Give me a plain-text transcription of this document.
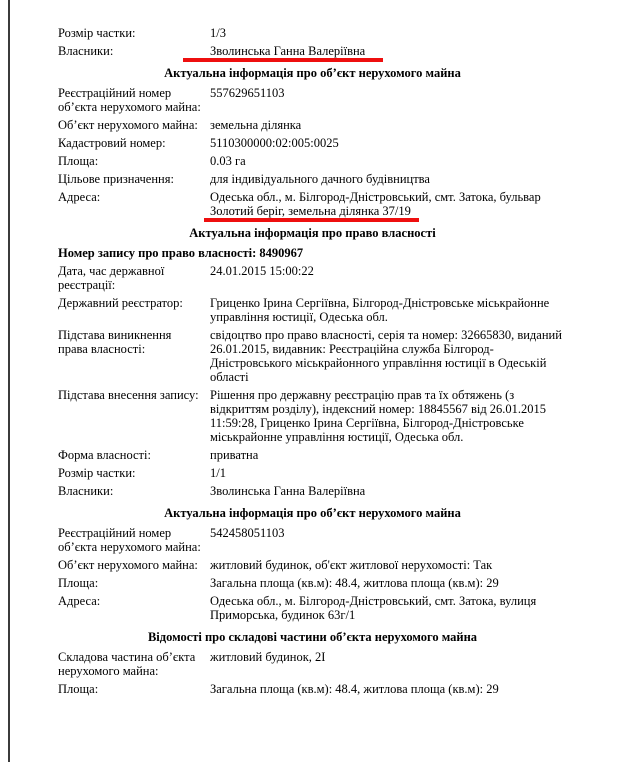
Розмір частки:	1/3
Власники:	Зволинська Ганна Валеріївна
Актуальна інформація про об’єкт нерухомого майна
Реєстраційний номер об’єкта нерухомого майна:
557629651103
Об’єкт нерухомого майна: земельна ділянка
Кадастровий номер:	5110300000:02:005:0025
Площа:	0.03 га
Цільове призначення:	для індивідуального дачного будівництва
Адреса:	Одеська обл., м. Білгород-Дністровський, смт. Затока, бульвар
Золотий беріг, земельна ділянка 37/19
Актуальна інформація про право власності
Номер запису про право власності: 8490967
Дата, час державної реєстрації:
24.01.2015 15:00:22
Державний реєстратор:	Гриценко Ірина Сергіївна, Білгород-Дністровське міськрайонне управління юстиції, Одеська обл.
Підстава виникнення права власності:
свідоцтво про право власності, серія та номер: 32665830, виданий 26.01.2015, видавник: Реєстраційна служба Білгород-Дністровського міськрайонного управління юстиції в Одеській області
Підстава внесення запису: Рішення про державну реєстрацію прав та їх обтяжень (з відкриттям розділу), індексний номер: 18845567 від 26.01.2015 11:59:28, Гриценко Ірина Сергіївна, Білгород-Дністровське міськрайонне управління юстиції, Одеська обл.
Форма власності:	приватна
Розмір частки:	1/1
Власники:	Зволинська Ганна Валеріївна
Актуальна інформація про об’єкт нерухомого майна
Реєстраційний номер об’єкта нерухомого майна:
542458051103
Об’єкт нерухомого майна: житловий будинок, об'єкт житлової нерухомості: Так
Площа:	Загальна площа (кв.м): 48.4, житлова площа (кв.м): 29
Адреса:	Одеська обл., м. Білгород-Дністровський, смт. Затока, вулиця Приморська, будинок 63г/1
Відомості про складові частини об’єкта нерухомого майна
Складова частина об’єкта нерухомого майна:
житловий будинок, 2І
Площа:	Загальна площа (кв.м): 48.4, житлова площа (кв.м): 29
